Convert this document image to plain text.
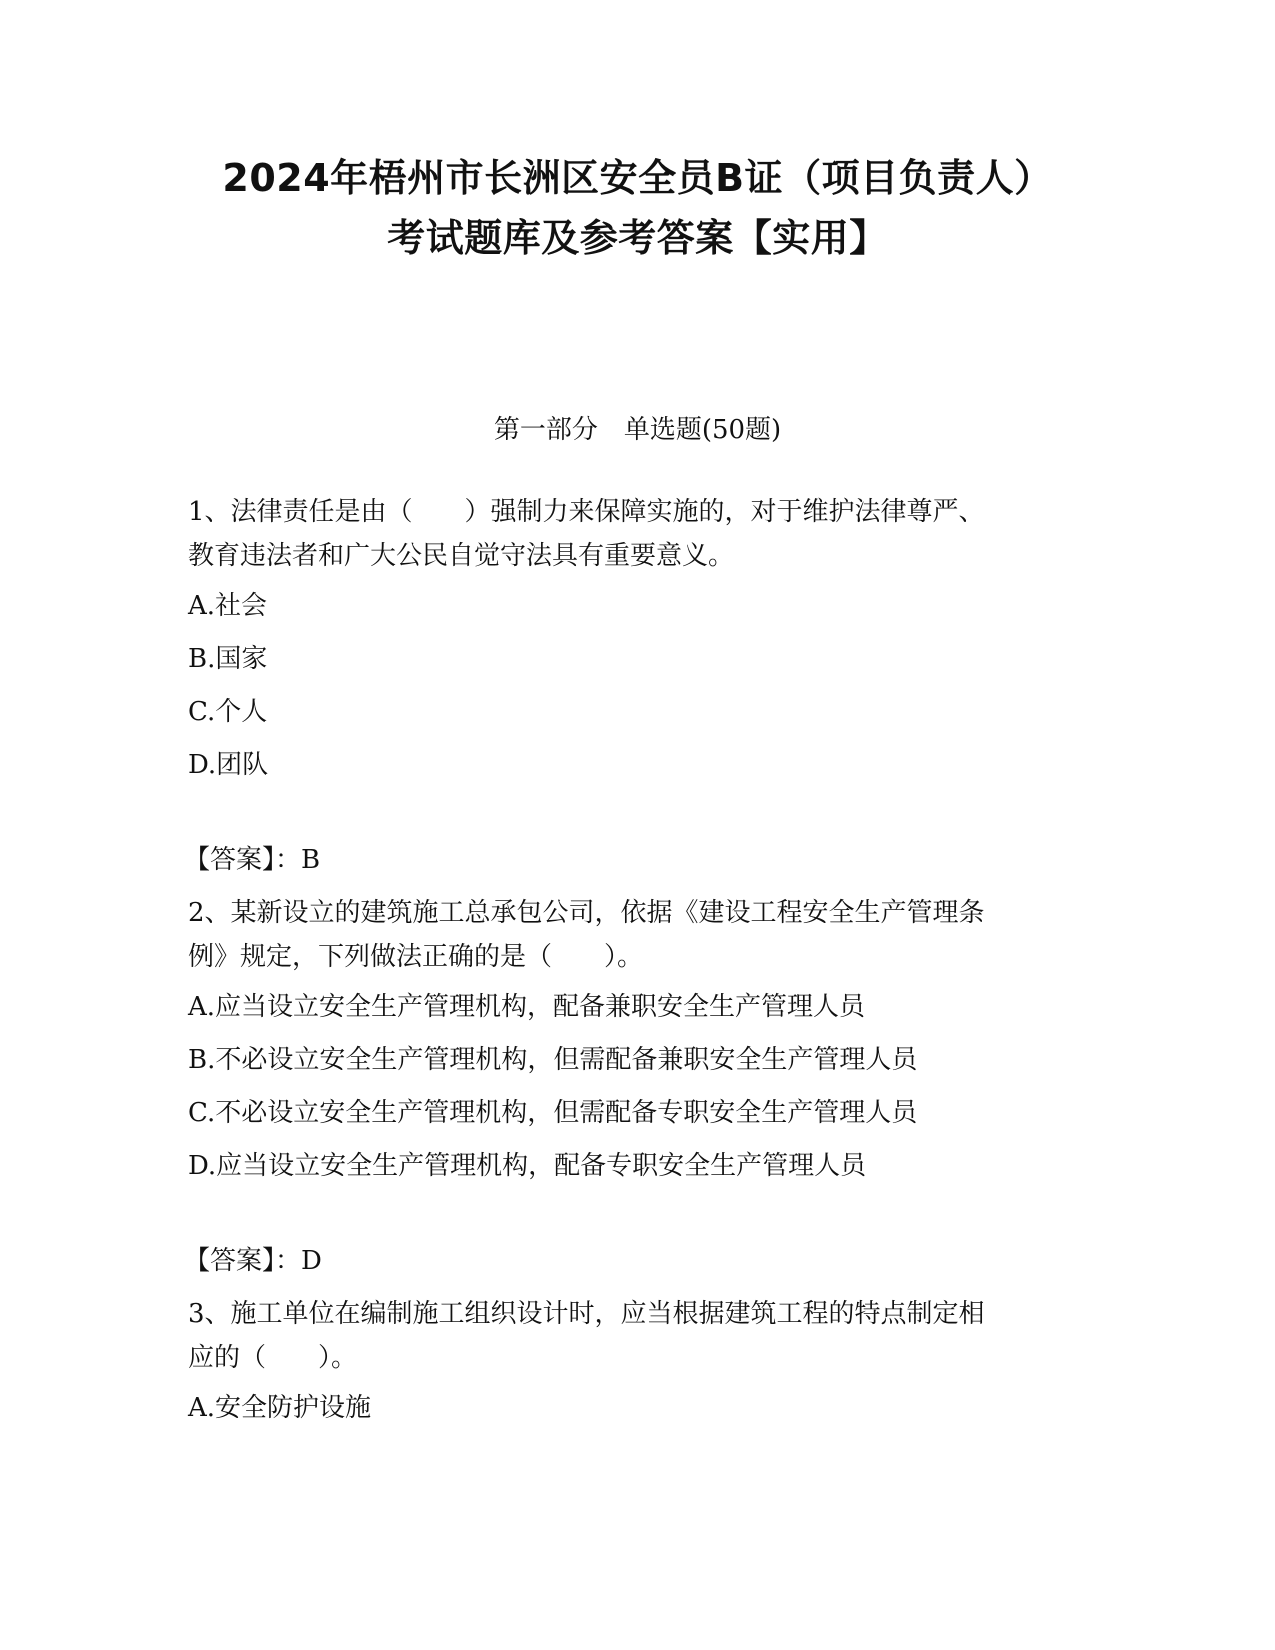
2024年梧州市长洲区安全员B证（项目负责人）
考试题库及参考答案【实用】
第一部分　单选题(50题)

1、法律责任是由（　　）强制力来保障实施的，对于维护法律尊严、

教育违法者和广大公民自觉守法具有重要意义。

A.社会

B.国家

C.个人

D.团队

【答案】：B

2、某新设立的建筑施工总承包公司，依据《建设工程安全生产管理条

例》规定，下列做法正确的是（　　）。

A.应当设立安全生产管理机构，配备兼职安全生产管理人员

B.不必设立安全生产管理机构，但需配备兼职安全生产管理人员

C.不必设立安全生产管理机构，但需配备专职安全生产管理人员

D.应当设立安全生产管理机构，配备专职安全生产管理人员

【答案】：D

3、施工单位在编制施工组织设计时，应当根据建筑工程的特点制定相

应的（　　）。

A.安全防护设施
